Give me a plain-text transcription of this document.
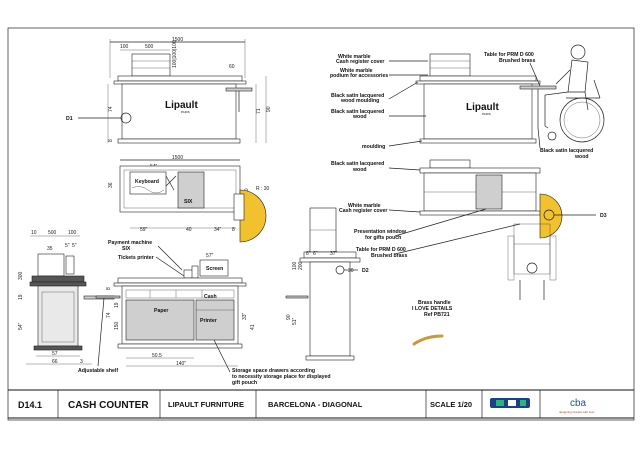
1500
100	500
60
100|100|100
Lipault
PARIS
D1
74
8
71 90	Lipault
PARIS
White marble
Cash register cover
White marble
podium for accessories
Black satin lacquered
wood moulding
Black satin lacquered
wood
moulding
Table for PRM D 600
Brushed brass
Black satin lacquered
wood
1500
Keyboard
SIX
36
R : 30
59"	40	34" 8
D2
8" 6" 37"
30
100 200
90
51"
D3
Black satin lacquered
wood
White marble
Cash register cover
Presentation window
for gifts pouch
Table for PRM D 600
Brushed brass
Brass handle
I LOVE DETAILS
Ref PB721
10 500 100
5" 5"
35
300
19
54"
57
66	3
Adjustable shelf
Payment machine
SIX
Tickets printer
Screen
57"
Cash
Paper
Printer
8
74
19
150
33"
41
50.5
140"
Storage space drawers according
to necessity storage place for displayed
gift pouch
D14.1	CASH COUNTER	LIPAULT FURNITURE	BARCELONA - DIAGONAL	SCALE 1/20	cba
designing brands with love
